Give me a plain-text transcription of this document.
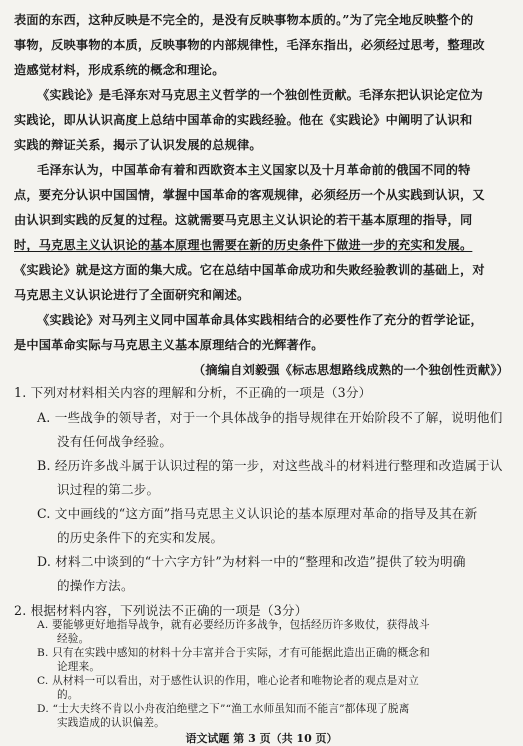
表面的东西，这种反映是不完全的，是没有反映事物本质的。”为了完全地反映整个的
事物，反映事物的本质，反映事物的内部规律性，毛泽东指出，必须经过思考，整理改
造感觉材料，形成系统的概念和理论。
《实践论》是毛泽东对马克思主义哲学的一个独创性贡献。毛泽东把认识论定位为
实践论，即从认识高度上总结中国革命的实践经验。他在《实践论》中阐明了认识和
实践的辩证关系，揭示了认识发展的总规律。
毛泽东认为，中国革命有着和西欧资本主义国家以及十月革命前的俄国不同的特
点，要充分认识中国国情，掌握中国革命的客观规律，必须经历一个从实践到认识，又
由认识到实践的反复的过程。这就需要马克思主义认识论的若干基本原理的指导，同
时，马克思主义认识论的基本原理也需要在新的历史条件下做进一步的充实和发展。
《实践论》就是这方面的集大成。它在总结中国革命成功和失败经验教训的基础上，对
马克思主义认识论进行了全面研究和阐述。
《实践论》对马列主义同中国革命具体实践相结合的必要性作了充分的哲学论证，
是中国革命实际与马克思主义基本原理结合的光辉著作。
（摘编自刘毅强《标志思想路线成熟的一个独创性贡献》）
1. 下列对材料相关内容的理解和分析，不正确的一项是（3分）
A. 一些战争的领导者，对于一个具体战争的指导规律在开始阶段不了解，说明他们
没有任何战争经验。
B. 经历许多战斗属于认识过程的第一步，对这些战斗的材料进行整理和改造属于认
识过程的第二步。
C. 文中画线的“这方面”指马克思主义认识论的基本原理对革命的指导及其在新
的历史条件下的充实和发展。
D. 材料二中谈到的“十六字方针”为材料一中的“整理和改造”提供了较为明确
的操作方法。
2. 根据材料内容，下列说法不正确的一项是（3分）
A. 要能够更好地指导战争，就有必要经历许多战争，包括经历许多败仗，获得战斗
经验。
B. 只有在实践中感知的材料十分丰富并合于实际，才有可能据此造出正确的概念和
论理来。
C. 从材料一可以看出，对于感性认识的作用，唯心论者和唯物论者的观点是对立
的。
D. “士大夫终不肯以小舟夜泊绝壁之下”“渔工水师虽知而不能言”都体现了脱离
实践造成的认识偏差。
语文试题 第 3 页（共 10 页）
